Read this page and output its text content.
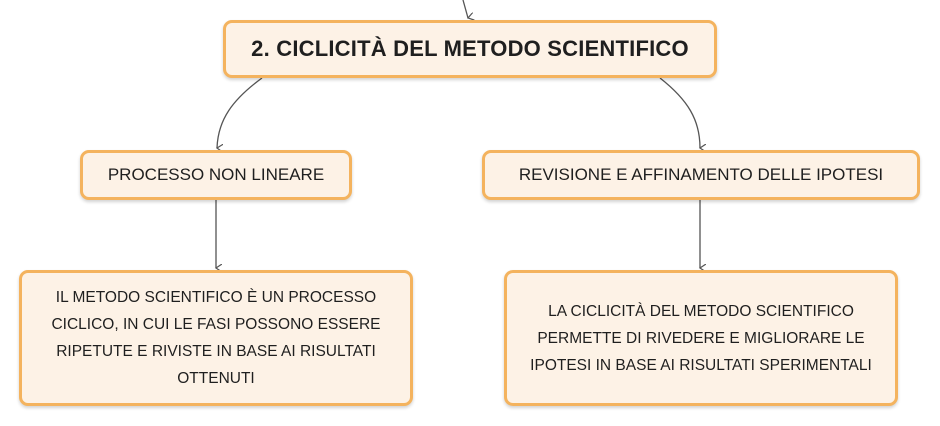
2. CICLICITÀ DEL METODO SCIENTIFICO
PROCESSO NON LINEARE	REVISIONE E AFFINAMENTO DELLE IPOTESI
IL METODO SCIENTIFICO È UN PROCESSO CICLICO, IN CUI LE FASI POSSONO ESSERE RIPETUTE E RIVISTE IN BASE AI RISULTATI OTTENUTI
LA CICLICITÀ DEL METODO SCIENTIFICO PERMETTE DI RIVEDERE E MIGLIORARE LE IPOTESI IN BASE AI RISULTATI SPERIMENTALI
